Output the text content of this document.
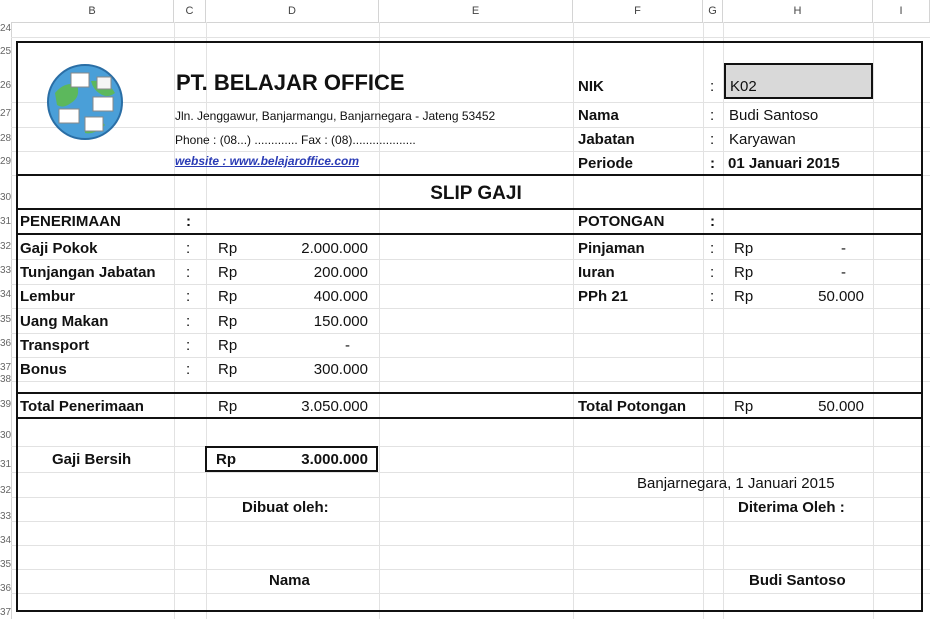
B	C	D	E	F	G	H	I
24
25
26
27
28
29
30
31
32
33
34
35
36
37
38
39
30
31
32
33
34
35
36
37
PT. BELAJAR OFFICE
Jln. Jenggawur, Banjarmangu, Banjarnegara - Jateng 53452
Phone : (08...) ............. Fax : (08)...................
website : www.belajaroffice.com
NIK	: K02
Nama	: Budi Santoso
Jabatan	: Karyawan
Periode	: 01 Januari 2015
SLIP GAJI
PENERIMAAN	:	POTONGAN	:
Gaji Pokok	: Rp	2.000.000
Tunjangan Jabatan : Rp	200.000
Lembur	: Rp	400.000
Uang Makan	: Rp	150.000
Transport	: Rp	-
Bonus	: Rp	300.000
Pinjaman	: Rp	-
Iuran	: Rp	-
PPh 21	: Rp	50.000
Total Penerimaan	Rp	3.050.000	Total Potongan	Rp	50.000
Gaji Bersih	Rp	3.000.000
Banjarnegara, 1 Januari 2015
Dibuat oleh:	Diterima Oleh :
Nama	Budi Santoso
